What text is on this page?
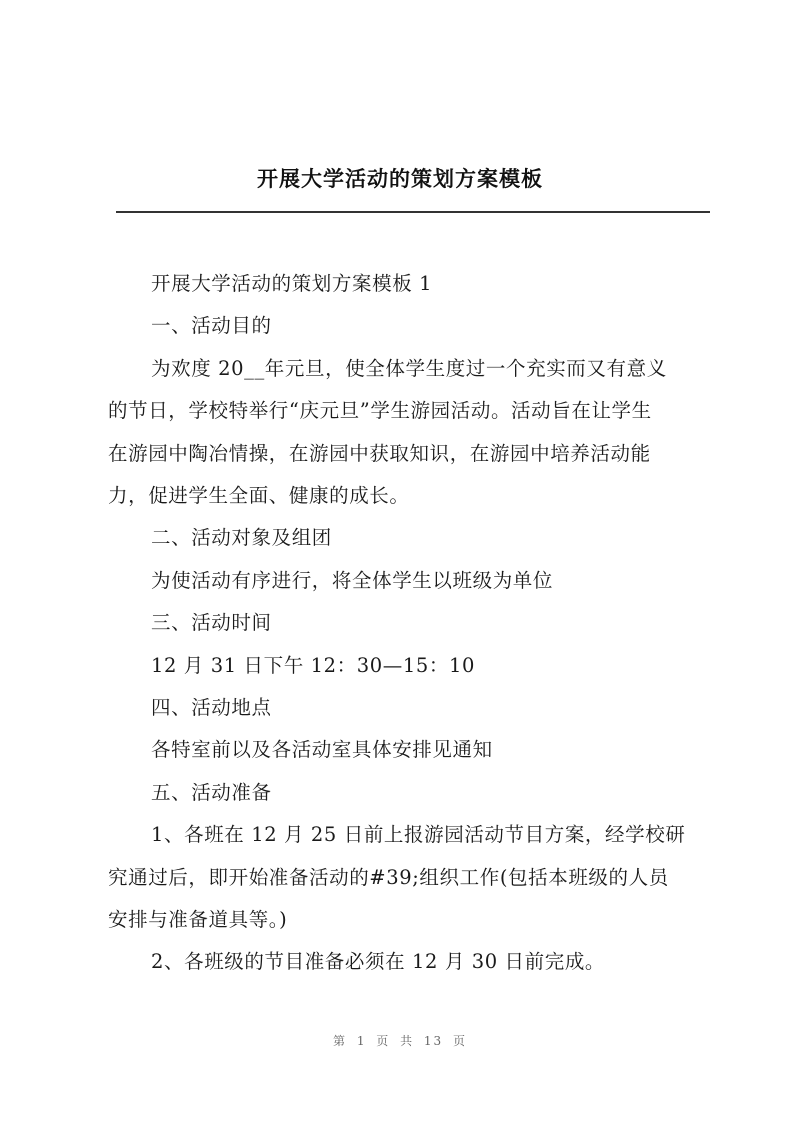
开展大学活动的策划方案模板
开展大学活动的策划方案模板 1
一、活动目的
为欢度 20__年元旦，使全体学生度过一个充实而又有意义
的节日，学校特举行“庆元旦”学生游园活动。活动旨在让学生
在游园中陶冶情操，在游园中获取知识，在游园中培养活动能
力，促进学生全面、健康的成长。
二、活动对象及组团
为使活动有序进行，将全体学生以班级为单位
三、活动时间
12 月 31 日下午 12：30—15：10
四、活动地点
各特室前以及各活动室具体安排见通知
五、活动准备
1、各班在 12 月 25 日前上报游园活动节目方案，经学校研
究通过后，即开始准备活动的#39;组织工作(包括本班级的人员
安排与准备道具等。)
2、各班级的节目准备必须在 12 月 30 日前完成。
第 1 页 共 13 页
